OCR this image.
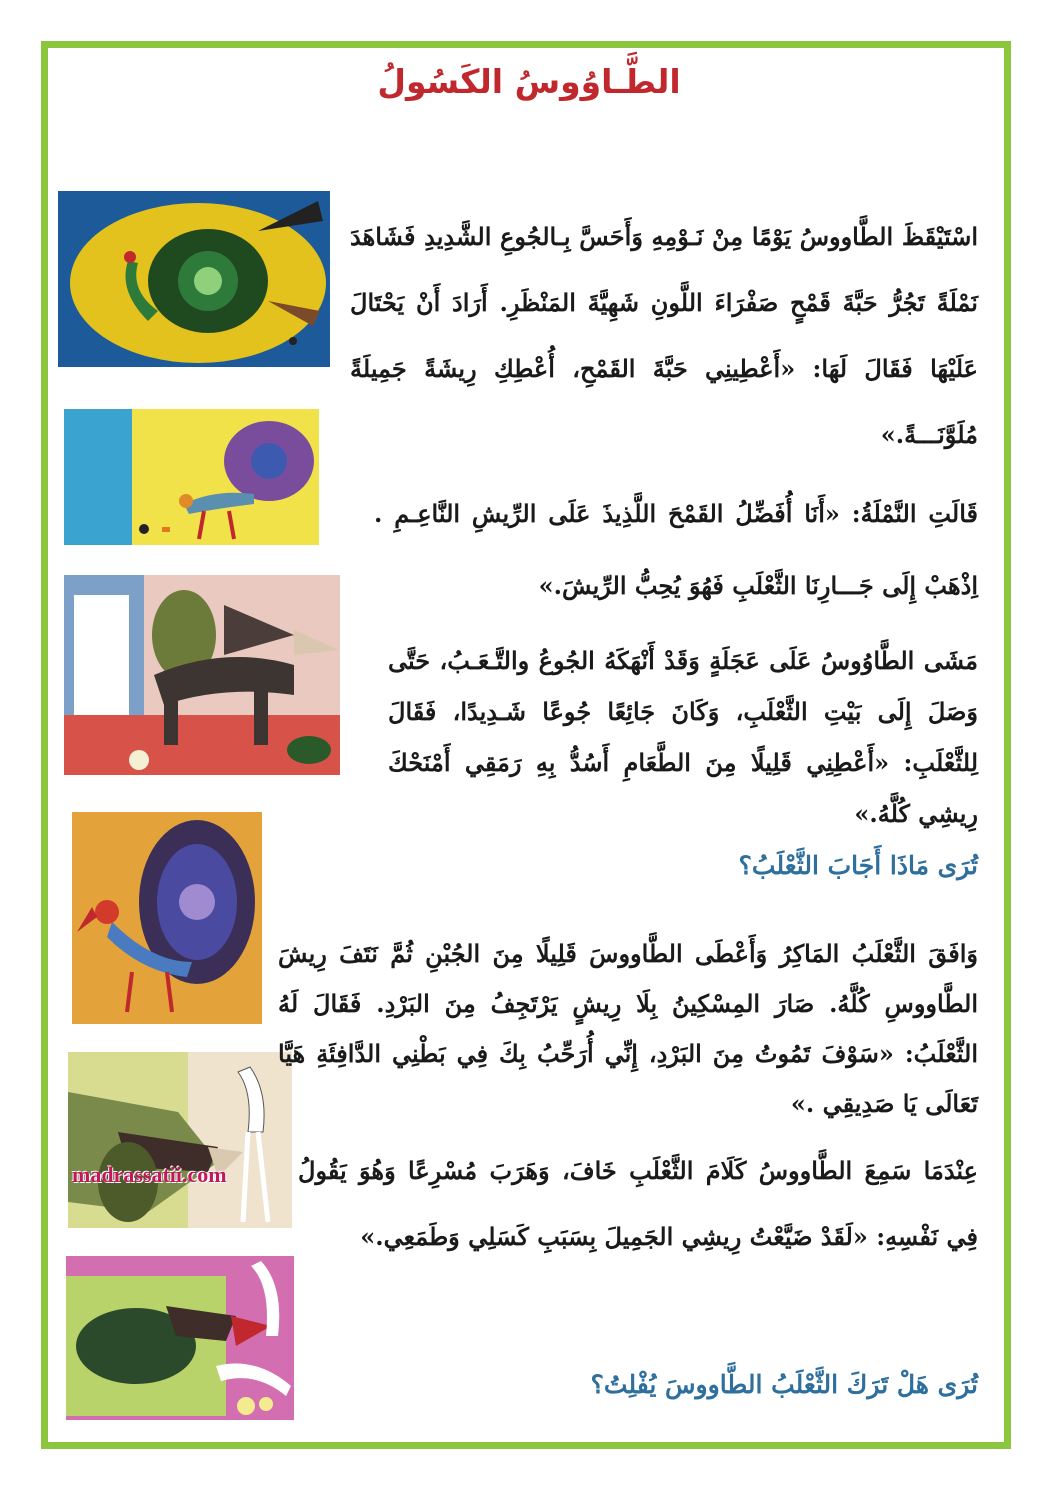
الطَّـاوُوسُ الكَسُولُ
madrassatii.com

اسْتَيْقَظَ الطَّاووسُ يَوْمًا مِنْ نَـوْمِهِ وَأَحَسَّ بِـالجُوعِ الشَّدِيدِ فَشَاهَدَ نَمْلَةً تَجُرُّ حَبَّةَ قَمْحٍ صَفْرَاءَ اللَّونِ شَهِيَّةَ المَنْظَرِ. أَرَادَ أَنْ يَحْتَالَ عَلَيْهَا فَقَالَ لَهَا: «أَعْطِينِي حَبَّةَ القَمْحِ، أُعْطِكِ رِيشَةً جَمِيلَةً مُلَوَّنَـــةً.»

قَالَتِ النَّمْلَةُ: «أَنَا أُفَضِّلُ القَمْحَ اللَّذِيذَ عَلَى الرِّيشِ النَّاعِـمِ . اِذْهَبْ إِلَى جَـــارِنَا الثَّعْلَبِ فَهُوَ يُحِبُّ الرِّيشَ.»

مَشَى الطَّاوُوسُ عَلَى عَجَلَةٍ وَقَدْ أَنْهَكَهُ الجُوعُ والتَّـعَـبُ، حَتَّى وَصَلَ إِلَى بَيْتِ الثَّعْلَبِ، وَكَانَ جَائِعًا جُوعًا شَـدِيدًا، فَقَالَ لِلثَّعْلَبِ: «أَعْطِنِي قَلِيلًا مِنَ الطَّعَامِ أَسُدُّ بِهِ رَمَقِي أَمْنَحْكَ رِيشِي كُلَّهُ.»

تُرَى مَاذَا أَجَابَ الثَّعْلَبُ؟

وَافَقَ الثَّعْلَبُ المَاكِرُ وَأَعْطَى الطَّاووسَ قَلِيلًا مِنَ الجُبْنِ ثُمَّ نَتَفَ رِيشَ الطَّاووسِ كُلَّهُ. صَارَ المِسْكِينُ بِلَا رِيشٍ يَرْتَجِفُ مِنَ البَرْدِ. فَقَالَ لَهُ الثَّعْلَبُ: «سَوْفَ تَمُوتُ مِنَ البَرْدِ، إِنِّي أُرَحِّبُ بِكَ فِي بَطْنِي الدَّافِئَةِ هَيَّا تَعَالَى يَا صَدِيقِي .»

عِنْدَمَا سَمِعَ الطَّاووسُ كَلَامَ الثَّعْلَبِ خَافَ، وَهَرَبَ مُسْرِعًا وَهُوَ يَقُولُ فِي نَفْسِهِ: «لَقَدْ ضَيَّعْتُ رِيشِي الجَمِيلَ بِسَبَبِ كَسَلِي وَطَمَعِي.»

تُرَى هَلْ تَرَكَ الثَّعْلَبُ الطَّاووسَ يُفْلِتُ؟
